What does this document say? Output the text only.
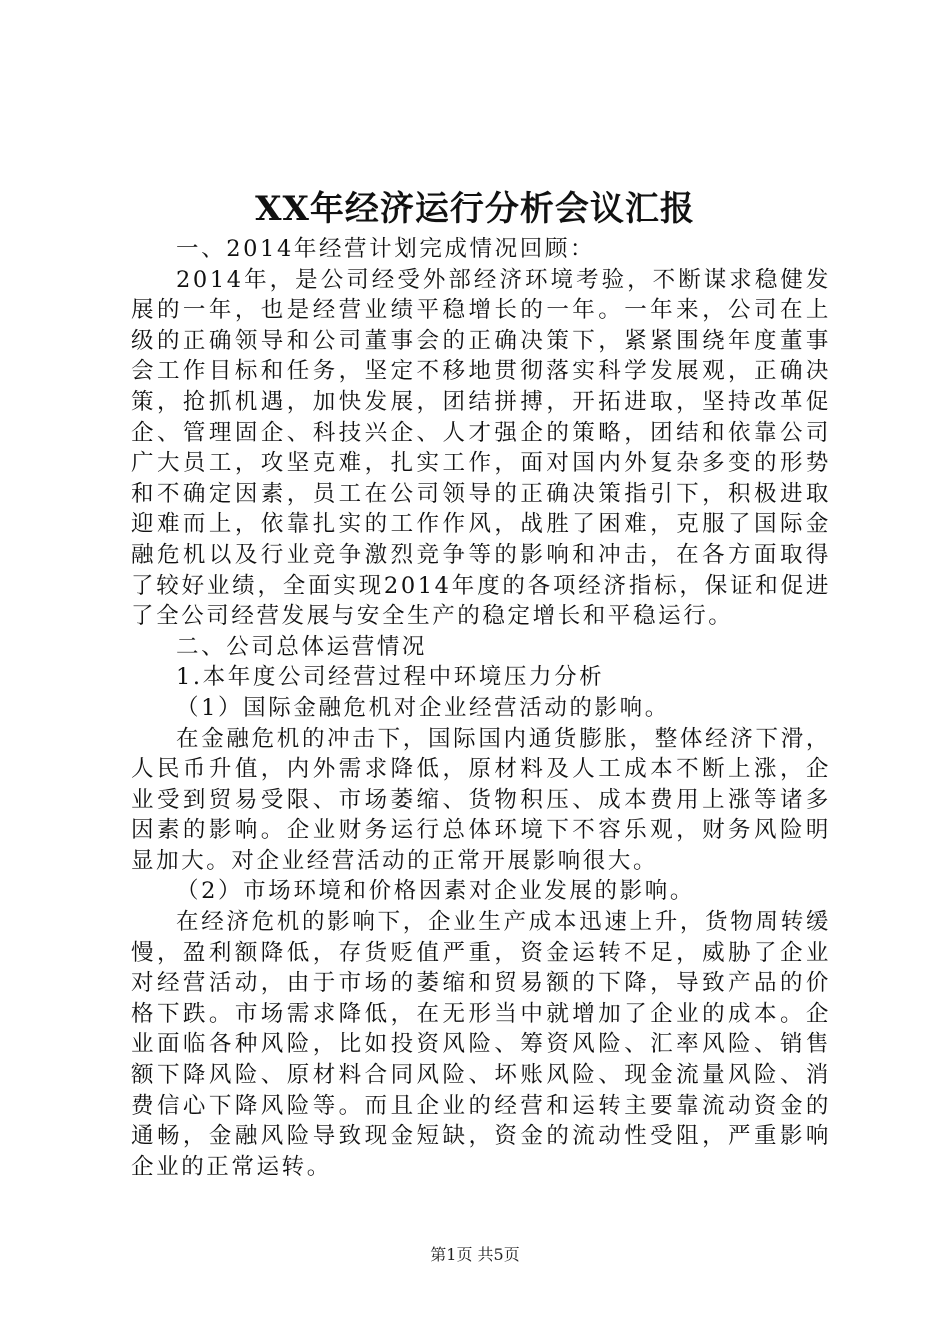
XX年经济运行分析会议汇报

一、2014年经营计划完成情况回顾：

2014年，是公司经受外部经济环境考验，不断谋求稳健发展的一年，也是经营业绩平稳增长的一年。一年来，公司在上级的正确领导和公司董事会的正确决策下，紧紧围绕年度董事会工作目标和任务，坚定不移地贯彻落实科学发展观，正确决策，抢抓机遇，加快发展，团结拼搏，开拓进取，坚持改革促企、管理固企、科技兴企、人才强企的策略，团结和依靠公司广大员工，攻坚克难，扎实工作，面对国内外复杂多变的形势和不确定因素，员工在公司领导的正确决策指引下，积极进取迎难而上，依靠扎实的工作作风，战胜了困难，克服了国际金融危机以及行业竞争激烈竞争等的影响和冲击，在各方面取得了较好业绩，全面实现2014年度的各项经济指标，保证和促进了全公司经营发展与安全生产的稳定增长和平稳运行。

二、公司总体运营情况

1.本年度公司经营过程中环境压力分析

（1）国际金融危机对企业经营活动的影响。

在金融危机的冲击下，国际国内通货膨胀，整体经济下滑，人民币升值，内外需求降低，原材料及人工成本不断上涨，企业受到贸易受限、市场萎缩、货物积压、成本费用上涨等诸多因素的影响。企业财务运行总体环境下不容乐观，财务风险明显加大。对企业经营活动的正常开展影响很大。

（2）市场环境和价格因素对企业发展的影响。

在经济危机的影响下，企业生产成本迅速上升，货物周转缓慢，盈利额降低，存货贬值严重，资金运转不足，威胁了企业对经营活动，由于市场的萎缩和贸易额的下降，导致产品的价格下跌。市场需求降低，在无形当中就增加了企业的成本。企业面临各种风险，比如投资风险、筹资风险、汇率风险、销售额下降风险、原材料合同风险、坏账风险、现金流量风险、消费信心下降风险等。而且企业的经营和运转主要靠流动资金的通畅，金融风险导致现金短缺，资金的流动性受阻，严重影响企业的正常运转。

第1页 共5页
